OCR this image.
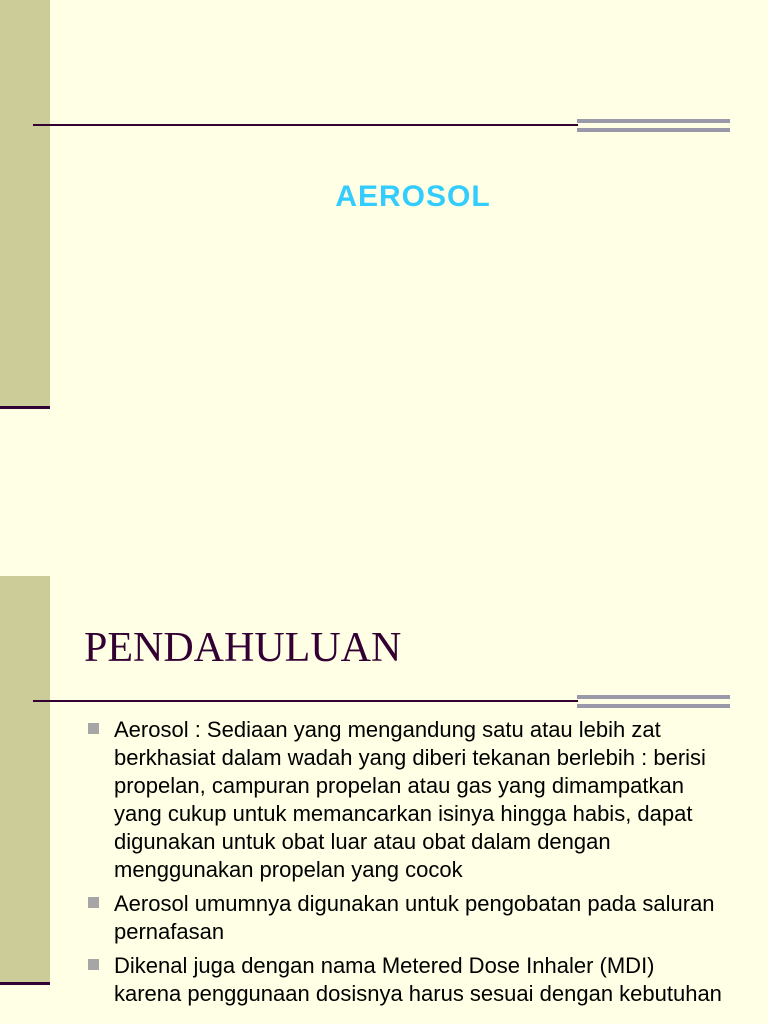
AEROSOL
PENDAHULUAN
Aerosol : Sediaan yang mengandung satu atau lebih zat berkhasiat dalam wadah yang diberi tekanan berlebih : berisi propelan, campuran propelan atau gas yang dimampatkan yang cukup untuk memancarkan isinya hingga habis, dapat digunakan untuk obat luar atau obat dalam dengan menggunakan propelan yang cocok
Aerosol umumnya digunakan untuk pengobatan pada saluran pernafasan
Dikenal juga dengan nama Metered Dose Inhaler (MDI) karena penggunaan dosisnya harus sesuai dengan kebutuhan
